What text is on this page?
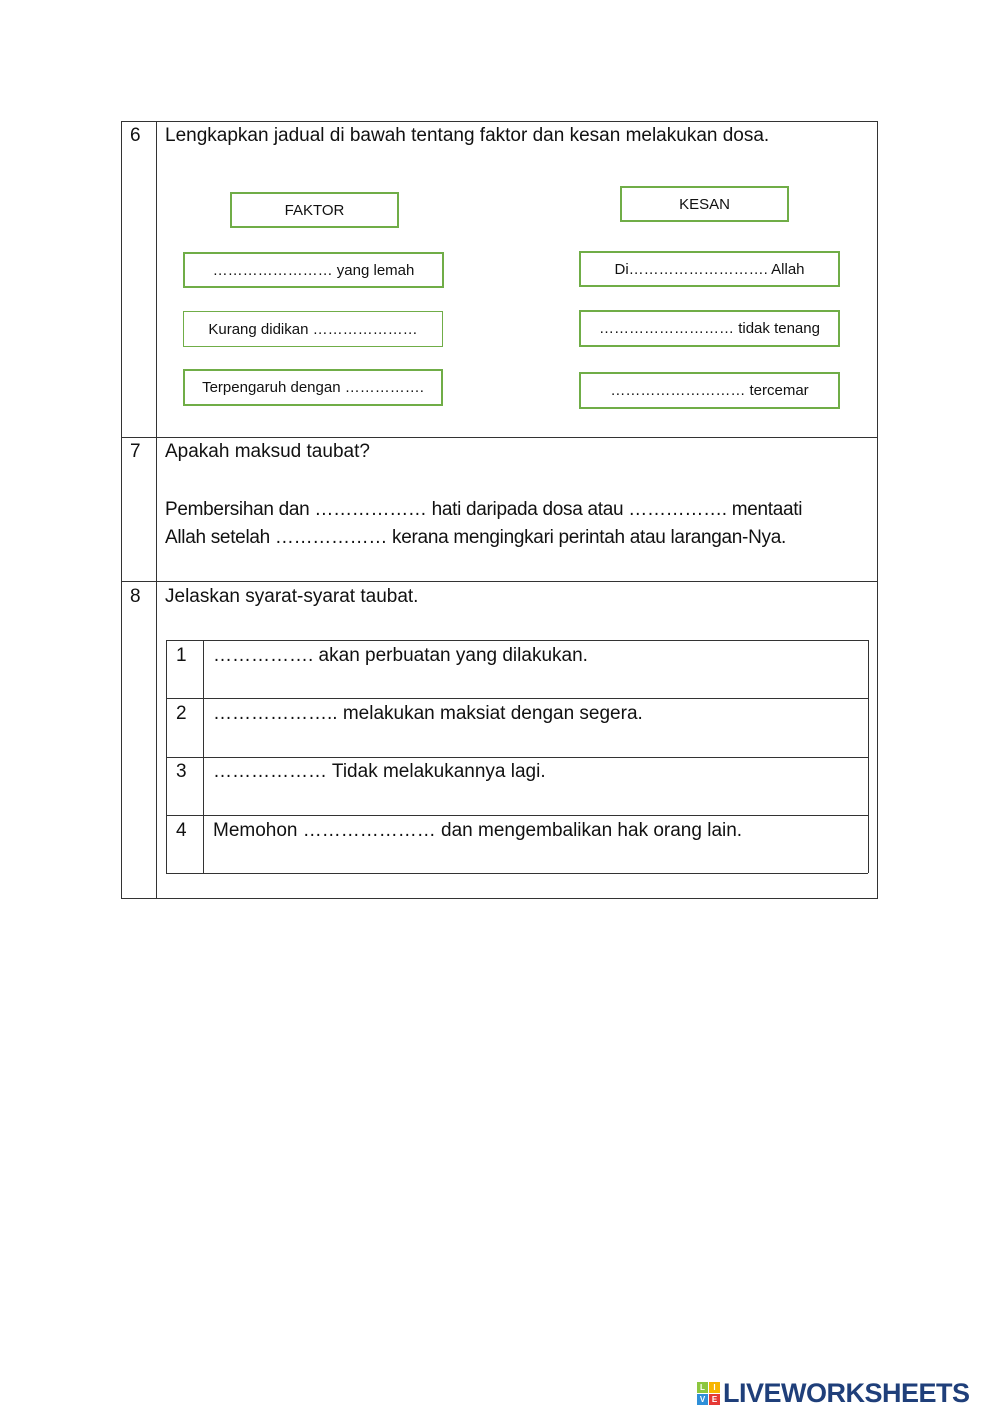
6 Lengkapkan jadual di bawah tentang faktor dan kesan melakukan dosa.
FAKTOR	KESAN
…………………… yang lemah
Kurang didikan …………………
Terpengaruh dengan …………….
Di………………………. Allah
……………………… tidak tenang
……………………… tercemar
7 Apakah maksud taubat?
Pembersihan dan ……………… hati daripada dosa atau ……………. mentaati
Allah setelah ……………… kerana mengingkari perintah atau larangan-Nya.
8 Jelaskan syarat-syarat taubat.
1 ……………. akan perbuatan yang dilakukan.
2 ……………….. melakukan maksiat dengan segera.
3 ……………… Tidak melakukannya lagi.
4 Memohon ………………… dan mengembalikan hak orang lain.
L	I
V E LIVEWORKSHEETS
